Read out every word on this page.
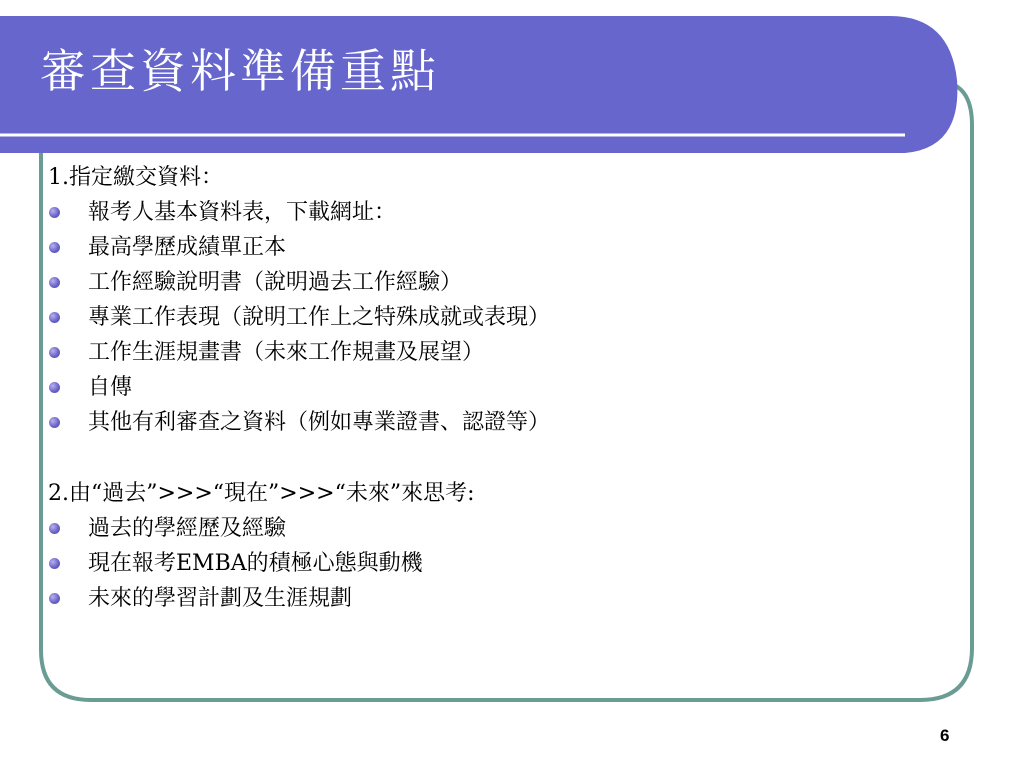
審查資料準備重點
1.指定繳交資料：
報考人基本資料表，下載網址：
最高學歷成績單正本
工作經驗說明書（說明過去工作經驗）
專業工作表現（說明工作上之特殊成就或表現）
工作生涯規畫書（未來工作規畫及展望）
自傳
其他有利審查之資料（例如專業證書、認證等）
2.由“過去”>>>“現在”>>>“未來”來思考:
過去的學經歷及經驗
現在報考EMBA的積極心態與動機
未來的學習計劃及生涯規劃
6
